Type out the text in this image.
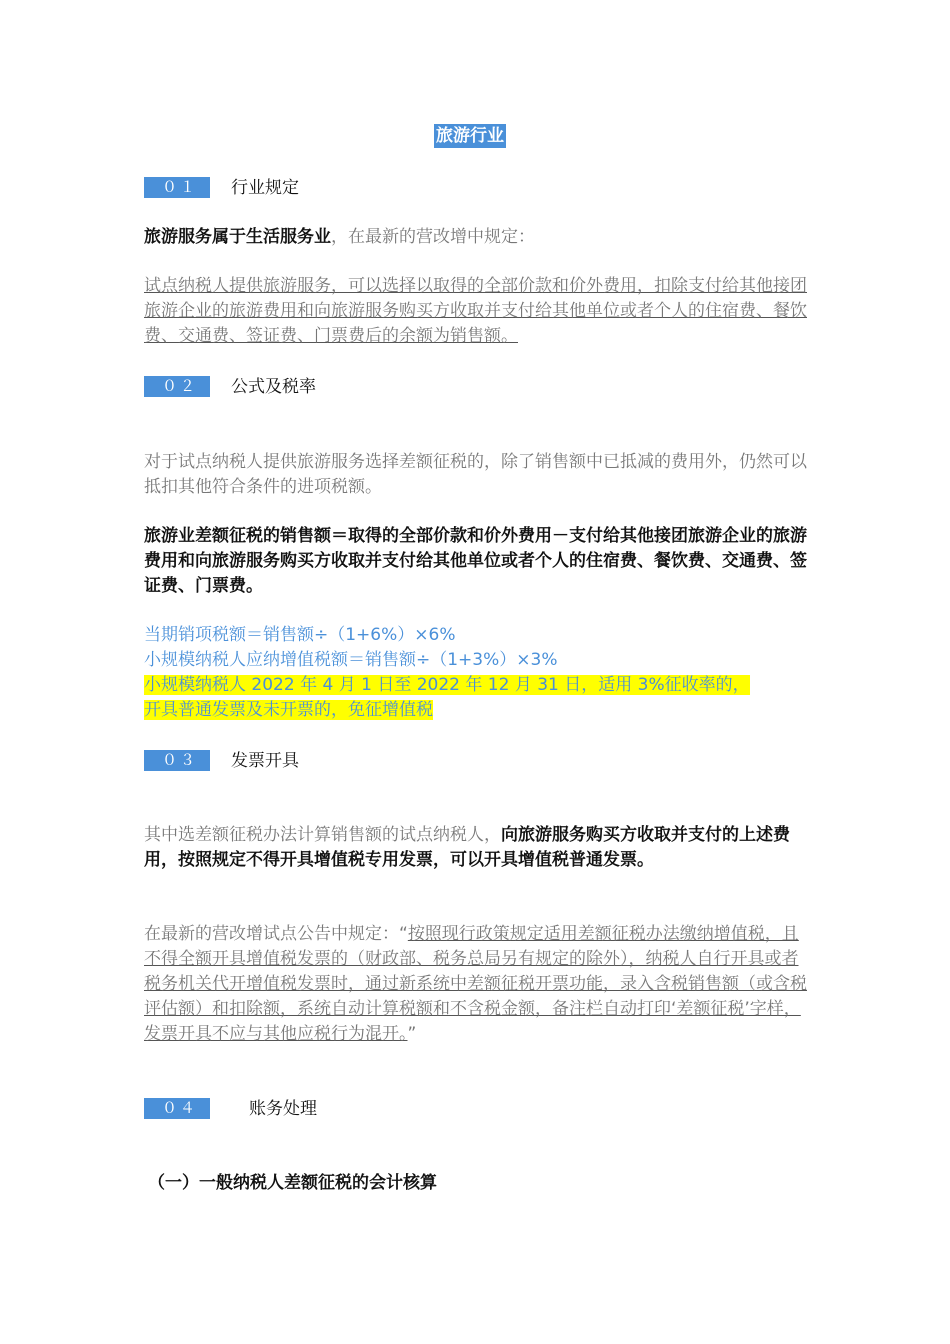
旅游行业
０１	行业规定
旅游服务属于生活服务业，在最新的营改增中规定：
试点纳税人提供旅游服务，可以选择以取得的全部价款和价外费用，扣除支付给其他接团旅游企业的旅游费用和向旅游服务购买方收取并支付给其他单位或者个人的住宿费、餐饮费、交通费、签证费、门票费后的余额为销售额。
０２	公式及税率
对于试点纳税人提供旅游服务选择差额征税的，除了销售额中已抵减的费用外，仍然可以抵扣其他符合条件的进项税额。
旅游业差额征税的销售额＝取得的全部价款和价外费用－支付给其他接团旅游企业的旅游费用和向旅游服务购买方收取并支付给其他单位或者个人的住宿费、餐饮费、交通费、签证费、门票费。
当期销项税额＝销售额÷（1+6%）×6%
小规模纳税人应纳增值税额＝销售额÷（1+3%）×3%
小规模纳税人 2022 年 4 月 1 日至 2022 年 12 月 31 日，适用 3%征收率的，
开具普通发票及未开票的，免征增值税
０３	发票开具
其中选差额征税办法计算销售额的试点纳税人，向旅游服务购买方收取并支付的上述费用，按照规定不得开具增值税专用发票，可以开具增值税普通发票。
在最新的营改增试点公告中规定：“按照现行政策规定适用差额征税办法缴纳增值税，且不得全额开具增值税发票的（财政部、税务总局另有规定的除外），纳税人自行开具或者税务机关代开增值税发票时，通过新系统中差额征税开票功能，录入含税销售额（或含税评估额）和扣除额，系统自动计算税额和不含税金额，备注栏自动打印‘差额征税’字样，发票开具不应与其他应税行为混开。”
０４	账务处理
（一）一般纳税人差额征税的会计核算
